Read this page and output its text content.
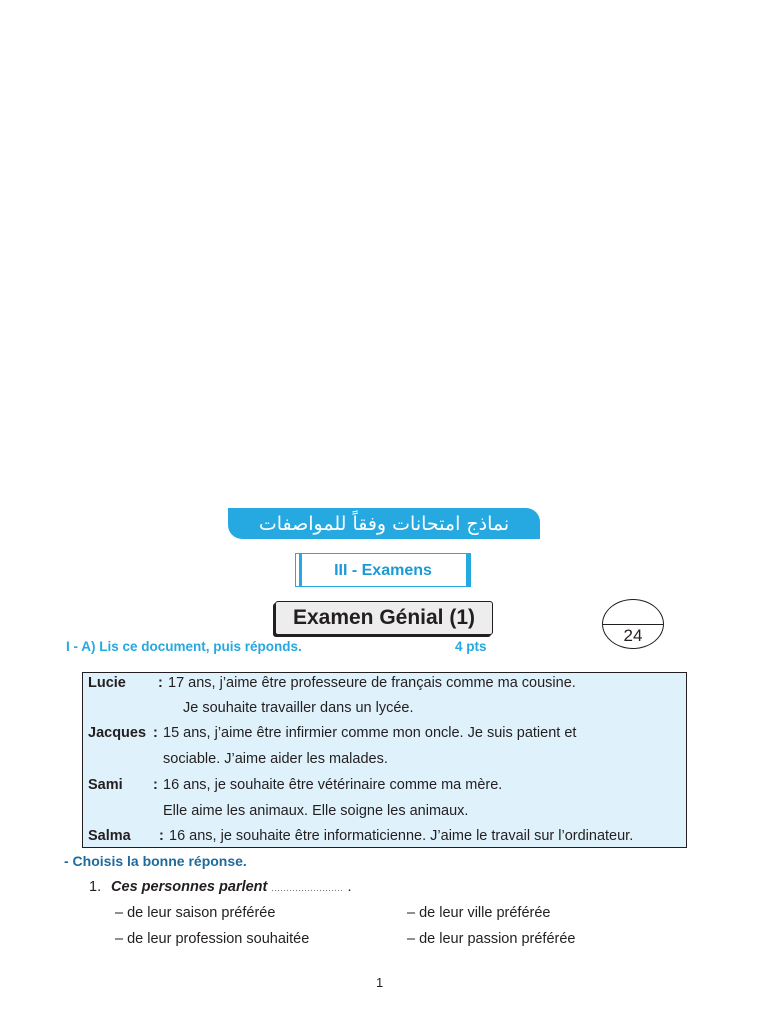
نماذج امتحانات وفقاً للمواصفات
III - Examens
Examen Génial (1)
24
I - A) Lis ce document, puis réponds.	4 pts
Lucie : 17 ans, j’aime être professeure de français comme ma cousine.
Je souhaite travailler dans un lycée.
Jacques : 15 ans, j’aime être infirmier comme mon oncle. Je suis patient et
sociable. J’aime aider les malades.
Sami : 16 ans, je souhaite être vétérinaire comme ma mère.
Elle aime les animaux. Elle soigne les animaux.
Salma : 16 ans, je souhaite être informaticienne. J’aime le travail sur l’ordinateur.
- Choisis la bonne réponse.
1. Ces personnes parlent ........................ .
– de leur saison préférée	– de leur ville préférée
– de leur profession souhaitée	– de leur passion préférée
1
